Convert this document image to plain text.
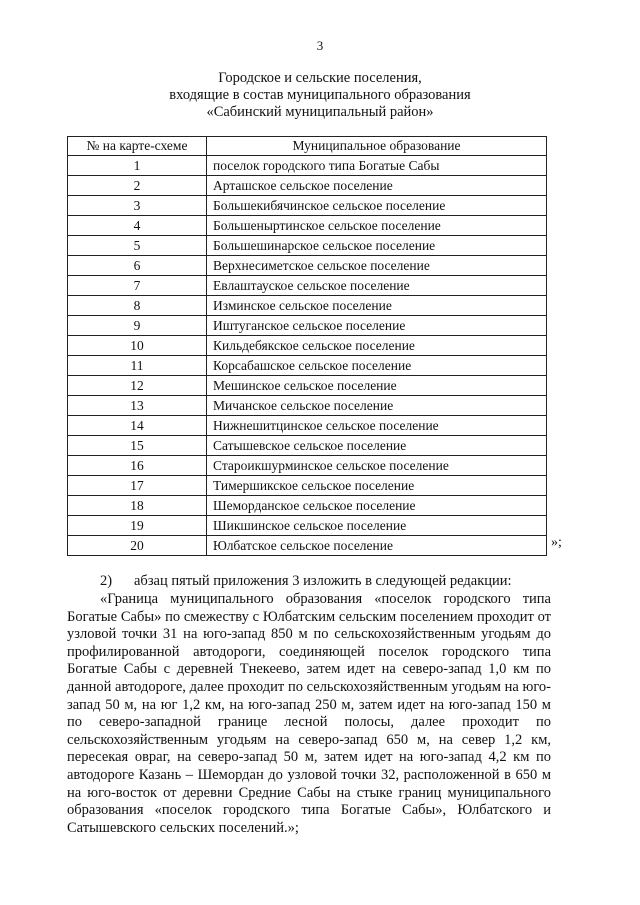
3
Городское и сельские поселения,
входящие в состав муниципального образования
«Сабинский муниципальный район»
№ на карте-схеме	Муниципальное образование
1	поселок городского типа Богатые Сабы
2	Арташское сельское поселение
3	Большекибячинское сельское поселение
4	Большеныртинское сельское поселение
5	Большешинарское сельское поселение
6	Верхнесиметское сельское поселение
7	Евлаштауское сельское поселение
8	Изминское сельское поселение
9	Иштуганское сельское поселение
10	Кильдебякское сельское поселение
11	Корсабашское сельское поселение
12	Мешинское сельское поселение
13	Мичанское сельское поселение
14	Нижнешитцинское сельское поселение
15	Сатышевское сельское поселение
16	Староикшурминское сельское поселение
17	Тимершикское сельское поселение
18	Шеморданское сельское поселение
19	Шикшинское сельское поселение
20	Юлбатское сельское поселение	»;
2) абзац пятый приложения 3 изложить в следующей редакции:

«Граница муниципального образования «поселок городского типа Богатые Сабы» по смежеству с Юлбатским сельским поселением проходит от узловой точки 31 на юго-запад 850 м по сельскохозяйственным угодьям до профилированной автодороги, соединяющей поселок городского типа Богатые Сабы с деревней Тнекеево, затем идет на северо-запад 1,0 км по данной автодороге, далее проходит по сельскохозяйственным угодьям на юго-запад 50 м, на юг 1,2 км, на юго-запад 250 м, затем идет на юго-запад 150 м по северо-западной границе лесной полосы, далее проходит по сельскохозяйственным угодьям на северо-запад 650 м, на север 1,2 км, пересекая овраг, на северо-запад 50 м, затем идет на юго-запад 4,2 км по автодороге Казань – Шемордан до узловой точки 32, расположенной в 650 м на юго-восток от деревни Средние Сабы на стыке границ муниципального образования «поселок городского типа Богатые Сабы», Юлбатского и Сатышевского сельских поселений.»;
